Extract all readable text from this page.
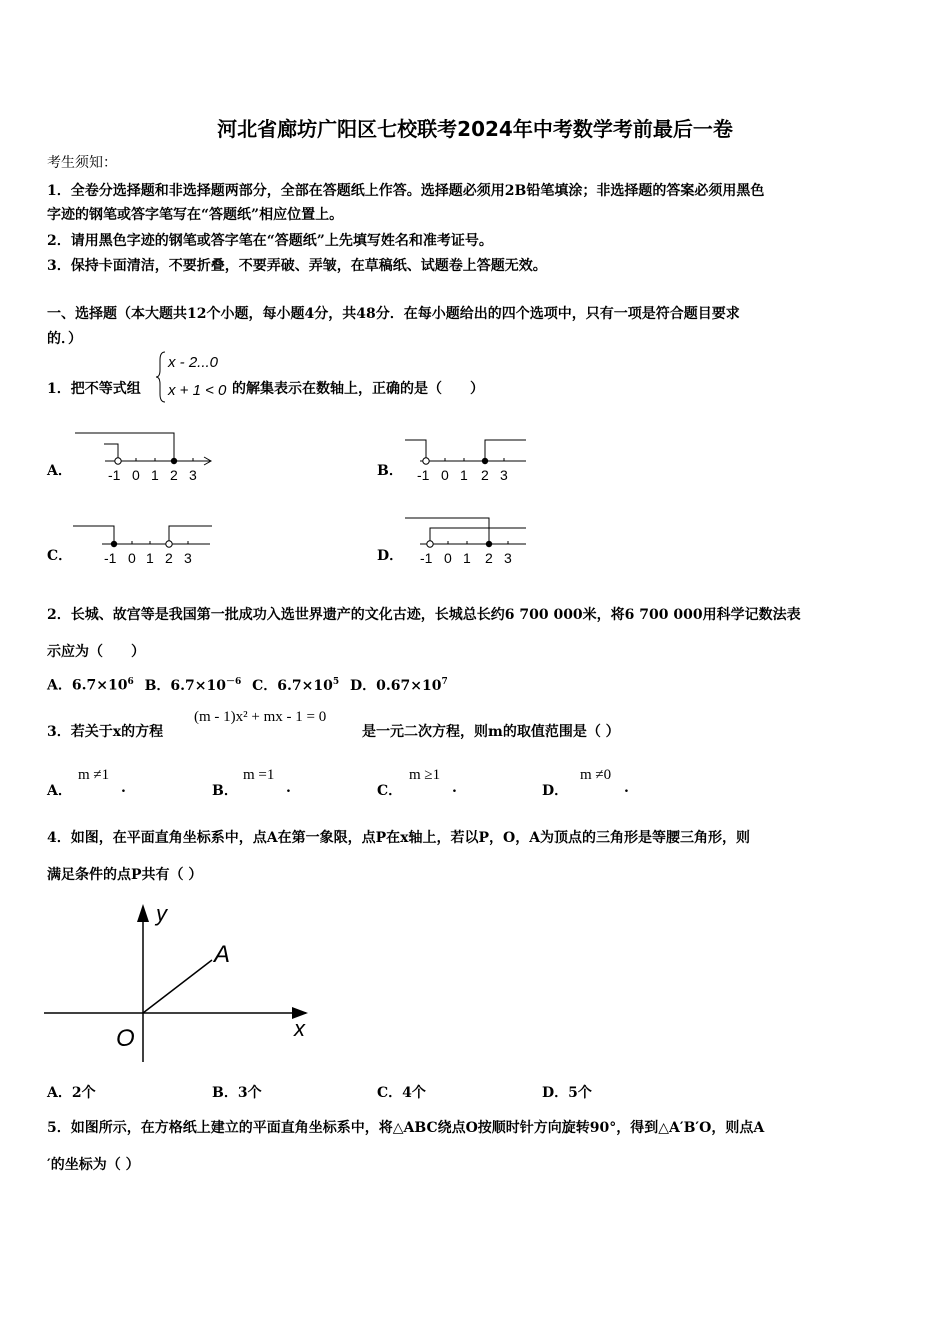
河北省廊坊广阳区七校联考2024年中考数学考前最后一卷
考生须知：
1．全卷分选择题和非选择题两部分，全部在答题纸上作答。选择题必须用2B铅笔填涂；非选择题的答案必须用黑色
字迹的钢笔或答字笔写在“答题纸”相应位置上。
2．请用黑色字迹的钢笔或答字笔在“答题纸”上先填写姓名和准考证号。
3．保持卡面清洁，不要折叠，不要弄破、弄皱，在草稿纸、试题卷上答题无效。
一、选择题（本大题共12个小题，每小题4分，共48分．在每小题给出的四个选项中，只有一项是符合题目要求
的．）
1．把不等式组
x - 2...0
x + 1 < 0 的解集表示在数轴上，正确的是（　　）
A．	B．
C．	D．
-1 0 1 2 3	-1 0 1 2 3
-1 0 1 2 3	-1 0 1 2 3
2．长城、故宫等是我国第一批成功入选世界遗产的文化古迹，长城总长约6 700 000米，将6 700 000用科学记数法表
示应为（　　）
A．$6.7\times 10^6$ B．$6.7\times 10^{-6}$ C．$6.7\times 10^5$ D．$0.67\times 10^7$
3．若关于x的方程
(m - 1)x² + mx - 1 = 0
是一元二次方程，则m的取值范围是（ ）
A．
m ≠1
.	B．
m =1
.	C．
m ≥1
.	D．
m ≠0
.
4．如图，在平面直角坐标系中，点A在第一象限，点P在x轴上，若以P，O，A为顶点的三角形是等腰三角形，则
满足条件的点P共有（ ）
y
x
O
A
A．2个	B．3个	C．4个	D．5个
5．如图所示，在方格纸上建立的平面直角坐标系中，将△ABC绕点O按顺时针方向旋转90°，得到△A′B′O，则点A
′的坐标为（ ）
